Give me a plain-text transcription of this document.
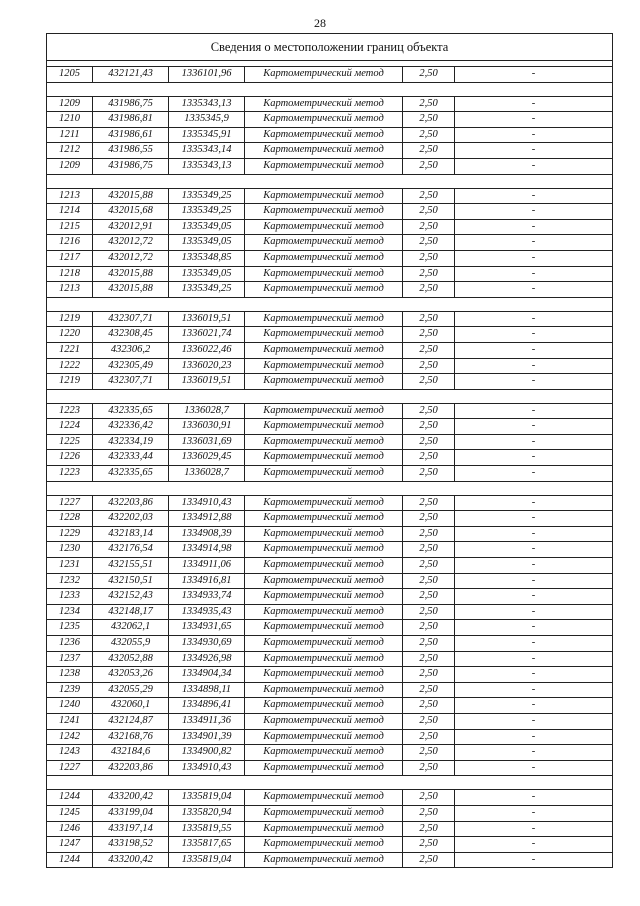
28
Сведения о местоположении границ объекта					

1205	432121,43	1336101,96	Картометрический метод	2,50	-

1209	431986,75	1335343,13	Картометрический метод	2,50	-
1210	431986,81	1335345,9	Картометрический метод	2,50	-
1211	431986,61	1335345,91	Картометрический метод	2,50	-
1212	431986,55	1335343,14	Картометрический метод	2,50	-
1209	431986,75	1335343,13	Картометрический метод	2,50	-

1213	432015,88	1335349,25	Картометрический метод	2,50	-
1214	432015,68	1335349,25	Картометрический метод	2,50	-
1215	432012,91	1335349,05	Картометрический метод	2,50	-
1216	432012,72	1335349,05	Картометрический метод	2,50	-
1217	432012,72	1335348,85	Картометрический метод	2,50	-
1218	432015,88	1335349,05	Картометрический метод	2,50	-
1213	432015,88	1335349,25	Картометрический метод	2,50	-

1219	432307,71	1336019,51	Картометрический метод	2,50	-
1220	432308,45	1336021,74	Картометрический метод	2,50	-
1221	432306,2	1336022,46	Картометрический метод	2,50	-
1222	432305,49	1336020,23	Картометрический метод	2,50	-
1219	432307,71	1336019,51	Картометрический метод	2,50	-

1223	432335,65	1336028,7	Картометрический метод	2,50	-
1224	432336,42	1336030,91	Картометрический метод	2,50	-
1225	432334,19	1336031,69	Картометрический метод	2,50	-
1226	432333,44	1336029,45	Картометрический метод	2,50	-
1223	432335,65	1336028,7	Картометрический метод	2,50	-

1227	432203,86	1334910,43	Картометрический метод	2,50	-
1228	432202,03	1334912,88	Картометрический метод	2,50	-
1229	432183,14	1334908,39	Картометрический метод	2,50	-
1230	432176,54	1334914,98	Картометрический метод	2,50	-
1231	432155,51	1334911,06	Картометрический метод	2,50	-
1232	432150,51	1334916,81	Картометрический метод	2,50	-
1233	432152,43	1334933,74	Картометрический метод	2,50	-
1234	432148,17	1334935,43	Картометрический метод	2,50	-
1235	432062,1	1334931,65	Картометрический метод	2,50	-
1236	432055,9	1334930,69	Картометрический метод	2,50	-
1237	432052,88	1334926,98	Картометрический метод	2,50	-
1238	432053,26	1334904,34	Картометрический метод	2,50	-
1239	432055,29	1334898,11	Картометрический метод	2,50	-
1240	432060,1	1334896,41	Картометрический метод	2,50	-
1241	432124,87	1334911,36	Картометрический метод	2,50	-
1242	432168,76	1334901,39	Картометрический метод	2,50	-
1243	432184,6	1334900,82	Картометрический метод	2,50	-
1227	432203,86	1334910,43	Картометрический метод	2,50	-

1244	433200,42	1335819,04	Картометрический метод	2,50	-
1245	433199,04	1335820,94	Картометрический метод	2,50	-
1246	433197,14	1335819,55	Картометрический метод	2,50	-
1247	433198,52	1335817,65	Картометрический метод	2,50	-
1244	433200,42	1335819,04	Картометрический метод	2,50	-
